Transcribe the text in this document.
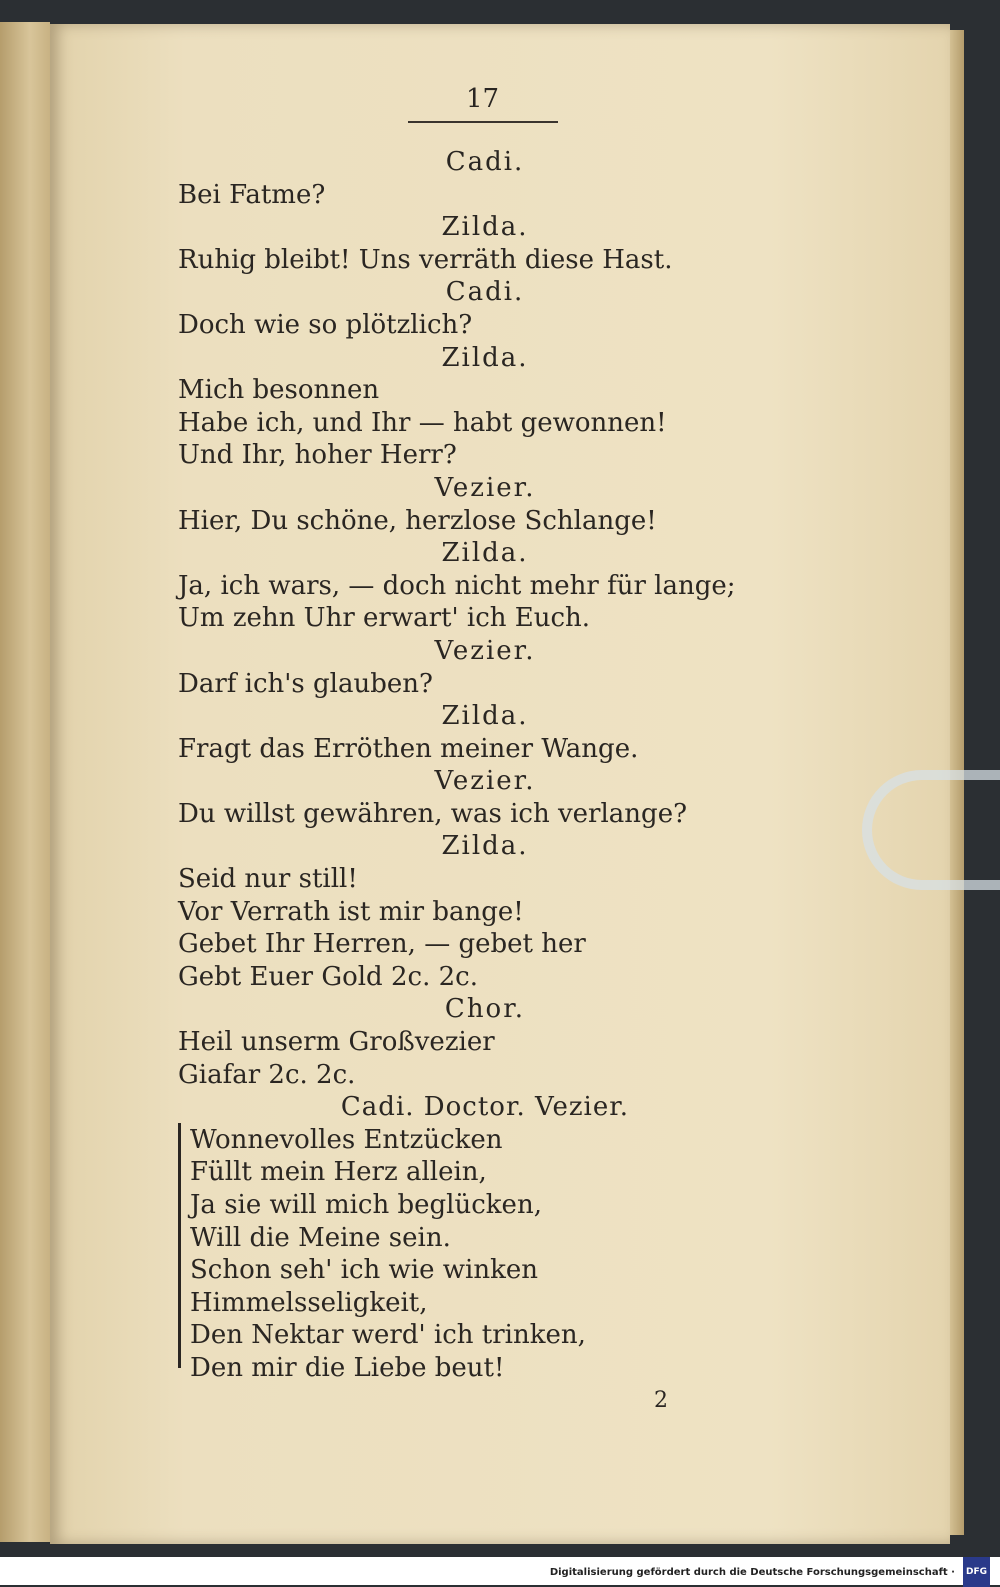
17
Cadi.
Bei Fatme?
Zilda.
Ruhig bleibt! Uns verräth diese Hast.
Cadi.
Doch wie so plötzlich?
Zilda.
Mich besonnen
Habe ich, und Ihr — habt gewonnen!
Und Ihr, hoher Herr?
Vezier.
Hier, Du schöne, herzlose Schlange!
Zilda.
Ja, ich wars, — doch nicht mehr für lange;
Um zehn Uhr erwart' ich Euch.
Vezier.
Darf ich's glauben?
Zilda.
Fragt das Erröthen meiner Wange.
Vezier.
Du willst gewähren, was ich verlange?
Zilda.
Seid nur still!
Vor Verrath ist mir bange!
Gebet Ihr Herren, — gebet her
Gebt Euer Gold 2c. 2c.
Chor.
Heil unserm Großvezier
Giafar 2c. 2c.
Cadi. Doctor. Vezier.
Wonnevolles Entzücken
Füllt mein Herz allein,
Ja sie will mich beglücken,
Will die Meine sein.
Schon seh' ich wie winken
Himmelsseligkeit,
Den Nektar werd' ich trinken,
Den mir die Liebe beut!
2
Digitalisierung gefördert durch die Deutsche Forschungsgemeinschaft · DFG
